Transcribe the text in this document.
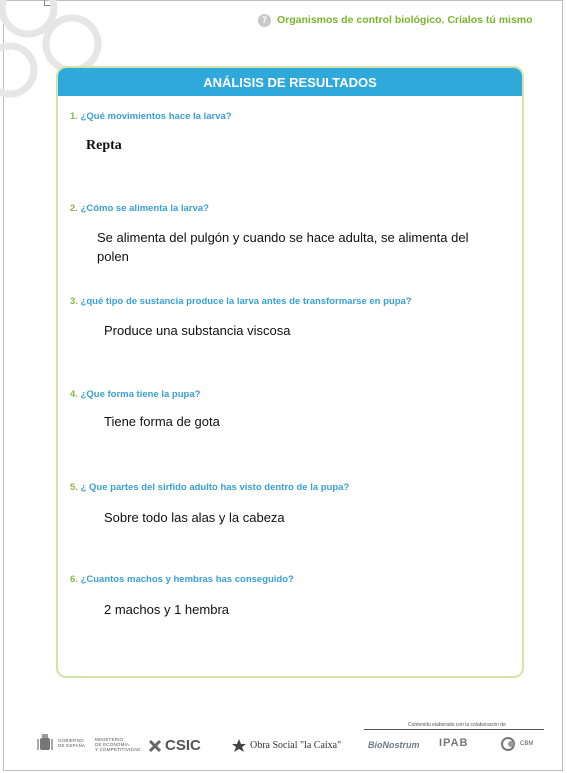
7 Organismos de control biológico. Críalos tú mismo
ANÁLISIS DE RESULTADOS
1. ¿Qué movimientos hace la larva?
Repta
2. ¿Cómo se alimenta la larva?
Se alimenta del pulgón y cuando se hace adulta, se alimenta del
polen
3. ¿qué tipo de sustancia produce la larva antes de transformarse en pupa?
Produce una substancia viscosa
4. ¿Que forma tiene la pupa?
Tiene forma de gota
5. ¿ Que partes del sirfido adulto has visto dentro de la pupa?
Sobre todo las alas y la cabeza
6. ¿Cuantos machos y hembras has conseguido?
2 machos y 1 hembra
Contenido elaborado con la colaboración de
GOBIERNO
DE ESPAÑA
MINISTERIO
DE ECONOMÍA
Y COMPETITIVIDAD CSIC	Obra Social "la Caixa"	BioNostrum IPAB	CBM
